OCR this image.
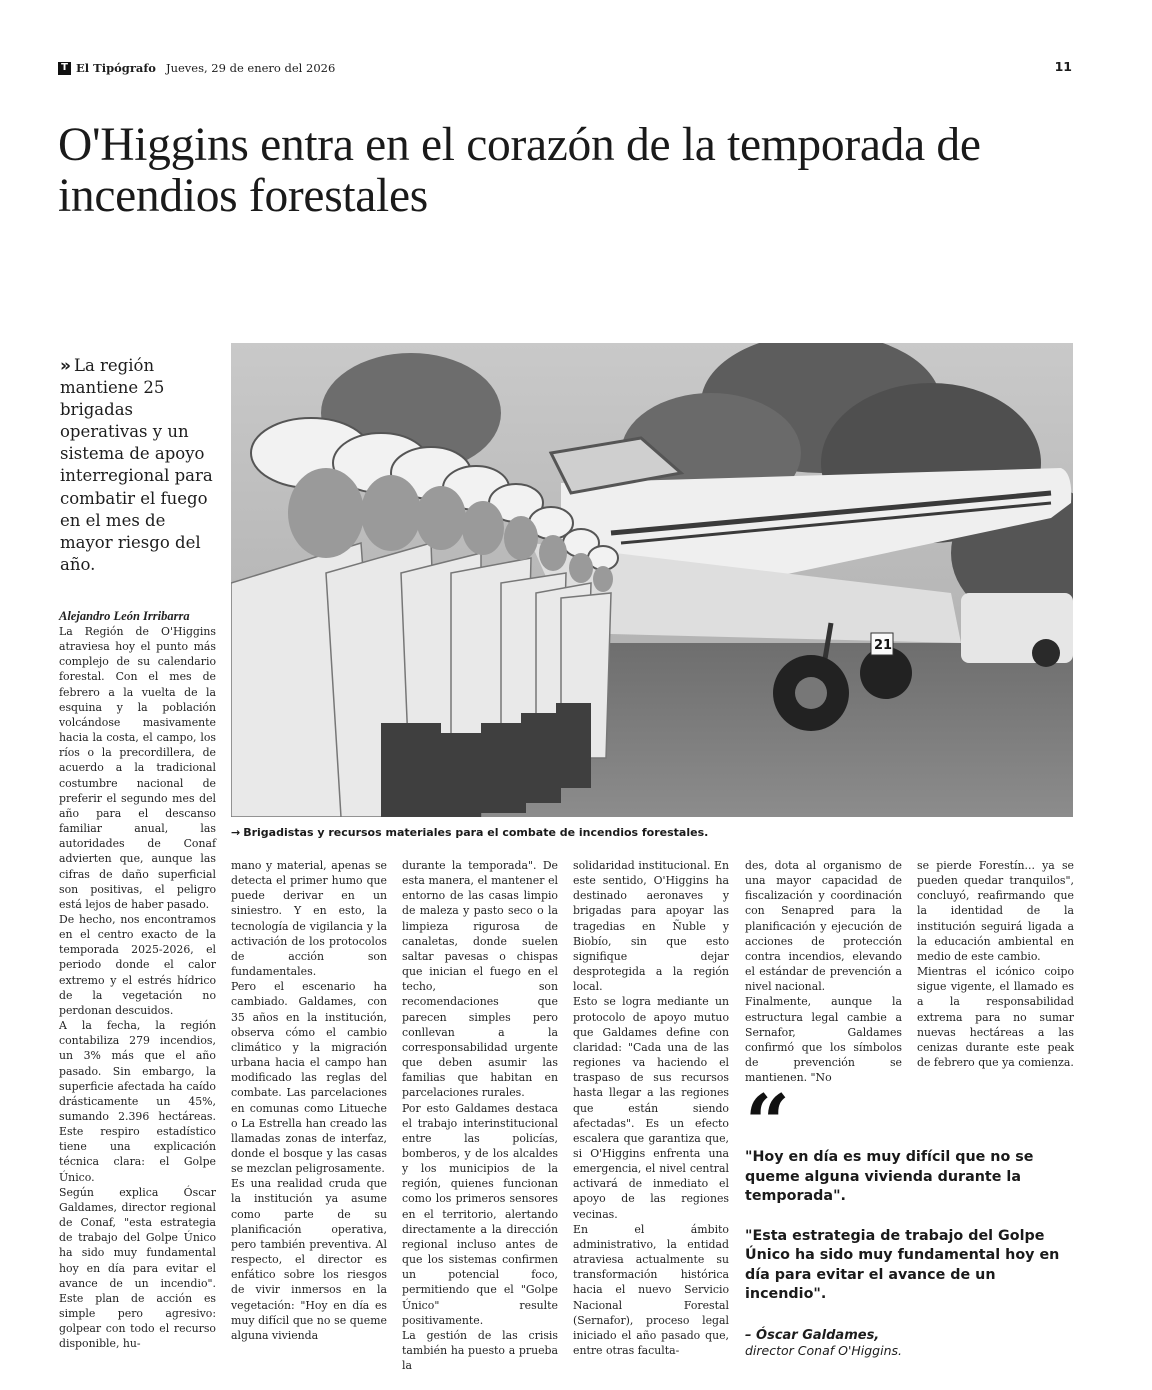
T El Tipógrafo Jueves, 29 de enero del 2026	11
O'Higgins entra en el corazón de la temporada de incendios forestales
» La región mantiene 25 brigadas operativas y un sistema de apoyo interregional para combatir el fuego en el mes de mayor riesgo del año.
21
→ Brigadistas y recursos materiales para el combate de incendios forestales.
Alejandro León Irribarra

La Región de O'Higgins atraviesa hoy el punto más complejo de su calendario forestal. Con el mes de febrero a la vuelta de la esquina y la población volcándose masivamente hacia la costa, el campo, los ríos o la precordillera, de acuerdo a la tradicional costumbre nacional de preferir el segundo mes del año para el descanso familiar anual, las autoridades de Conaf advierten que, aunque las cifras de daño superficial son positivas, el peligro está lejos de haber pasado.

De hecho, nos encontramos en el centro exacto de la temporada 2025-2026, el periodo donde el calor extremo y el estrés hídrico de la vegetación no perdonan descuidos.

A la fecha, la región contabiliza 279 incendios, un 3% más que el año pasado. Sin embargo, la superficie afectada ha caído drásticamente un 45%, sumando 2.396 hectáreas. Este respiro estadístico tiene una explicación técnica clara: el Golpe Único.

Según explica Óscar Galdames, director regional de Conaf, "esta estrategia de trabajo del Golpe Único ha sido muy fundamental hoy en día para evitar el avance de un incendio". Este plan de acción es simple pero agresivo: golpear con todo el recurso disponible, hu-

mano y material, apenas se detecta el primer humo que puede derivar en un siniestro. Y en esto, la tecnología de vigilancia y la activación de los protocolos de acción son fundamentales.

Pero el escenario ha cambiado. Galdames, con 35 años en la institución, observa cómo el cambio climático y la migración urbana hacia el campo han modificado las reglas del combate. Las parcelaciones en comunas como Litueche o La Estrella han creado las llamadas zonas de interfaz, donde el bosque y las casas se mezclan peligrosamente.

Es una realidad cruda que la institución ya asume como parte de su planificación operativa, pero también preventiva. Al respecto, el director es enfático sobre los riesgos de vivir inmersos en la vegetación: "Hoy en día es muy difícil que no se queme alguna vivienda

durante la temporada". De esta manera, el mantener el entorno de las casas limpio de maleza y pasto seco o la limpieza rigurosa de canaletas, donde suelen saltar pavesas o chispas que inician el fuego en el techo, son recomendaciones que parecen simples pero conllevan a la corresponsabilidad urgente que deben asumir las familias que habitan en parcelaciones rurales.

Por esto Galdames destaca el trabajo interinstitucional entre las policías, bomberos, y de los alcaldes y los municipios de la región, quienes funcionan como los primeros sensores en el territorio, alertando directamente a la dirección regional incluso antes de que los sistemas confirmen un potencial foco, permitiendo que el "Golpe Único" resulte positivamente.

La gestión de las crisis también ha puesto a prueba la

solidaridad institucional. En este sentido, O'Higgins ha destinado aeronaves y brigadas para apoyar las tragedias en Ñuble y Biobío, sin que esto signifique dejar desprotegida a la región local.

Esto se logra mediante un protocolo de apoyo mutuo que Galdames define con claridad: "Cada una de las regiones va haciendo el traspaso de sus recursos hasta llegar a las regiones que están siendo afectadas". Es un efecto escalera que garantiza que, si O'Higgins enfrenta una emergencia, el nivel central activará de inmediato el apoyo de las regiones vecinas.

En el ámbito administrativo, la entidad atraviesa actualmente su transformación histórica hacia el nuevo Servicio Nacional Forestal (Sernafor), proceso legal iniciado el año pasado que, entre otras faculta-

des, dota al organismo de una mayor capacidad de fiscalización y coordinación con Senapred para la planificación y ejecución de acciones de protección contra incendios, elevando el estándar de prevención a nivel nacional.

Finalmente, aunque la estructura legal cambie a Sernafor, Galdames confirmó que los símbolos de prevención se mantienen. "No

se pierde Forestín... ya se pueden quedar tranquilos", concluyó, reafirmando que la identidad de la institución seguirá ligada a la educación ambiental en medio de este cambio.

Mientras el icónico coipo sigue vigente, el llamado es a la responsabilidad extrema para no sumar nuevas hectáreas a las cenizas durante este peak de febrero que ya comienza.

“
"Hoy en día es muy difícil que no se queme alguna vivienda durante la temporada".
"Esta estrategia de trabajo del Golpe Único ha sido muy fundamental hoy en día para evitar el avance de un incendio".
– Óscar Galdames,
director Conaf O'Higgins.
